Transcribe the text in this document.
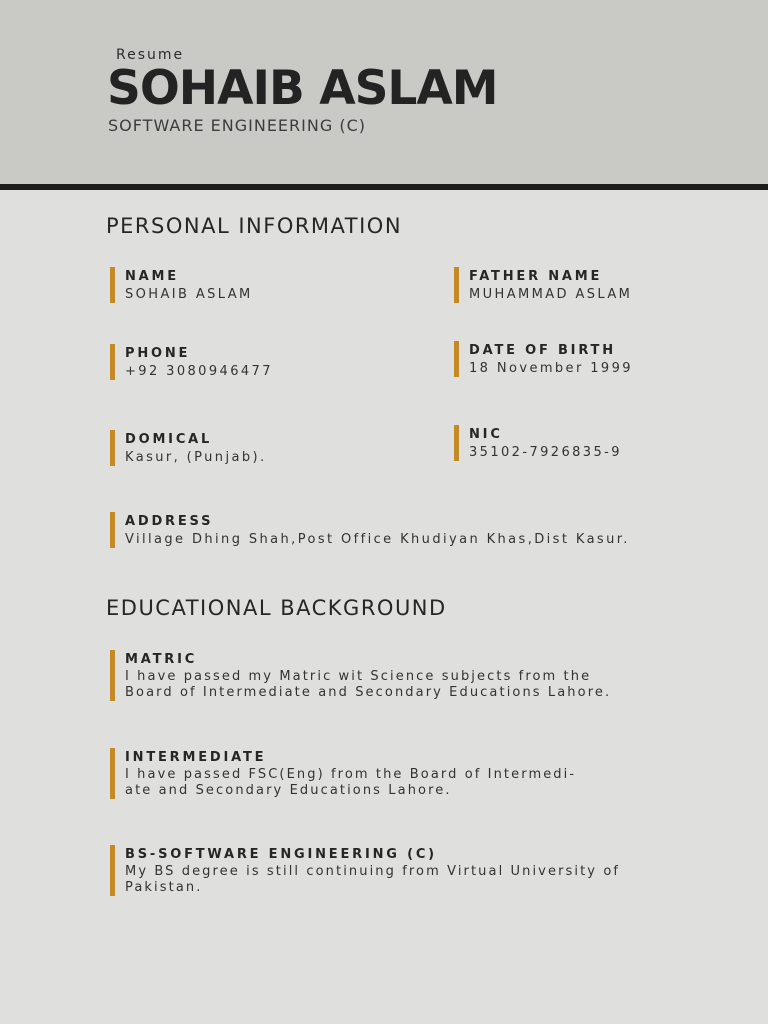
Resume
SOHAIB ASLAM
SOFTWARE ENGINEERING (C)
PERSONAL INFORMATION
NAME
SOHAIB ASLAM
FATHER NAME
MUHAMMAD ASLAM
PHONE
+92 3080946477
DATE OF BIRTH
18 November 1999
DOMICAL
Kasur, (Punjab).
NIC
35102-7926835-9
ADDRESS
Village Dhing Shah,Post Office Khudiyan Khas,Dist Kasur.
EDUCATIONAL BACKGROUND
MATRIC
I have passed my Matric wit Science subjects from the
Board of Intermediate and Secondary Educations Lahore.
INTERMEDIATE
I have passed FSC(Eng) from the Board of Intermedi-
ate and Secondary Educations Lahore.
BS-SOFTWARE ENGINEERING (C)
My BS degree is still continuing from Virtual University of
Pakistan.
